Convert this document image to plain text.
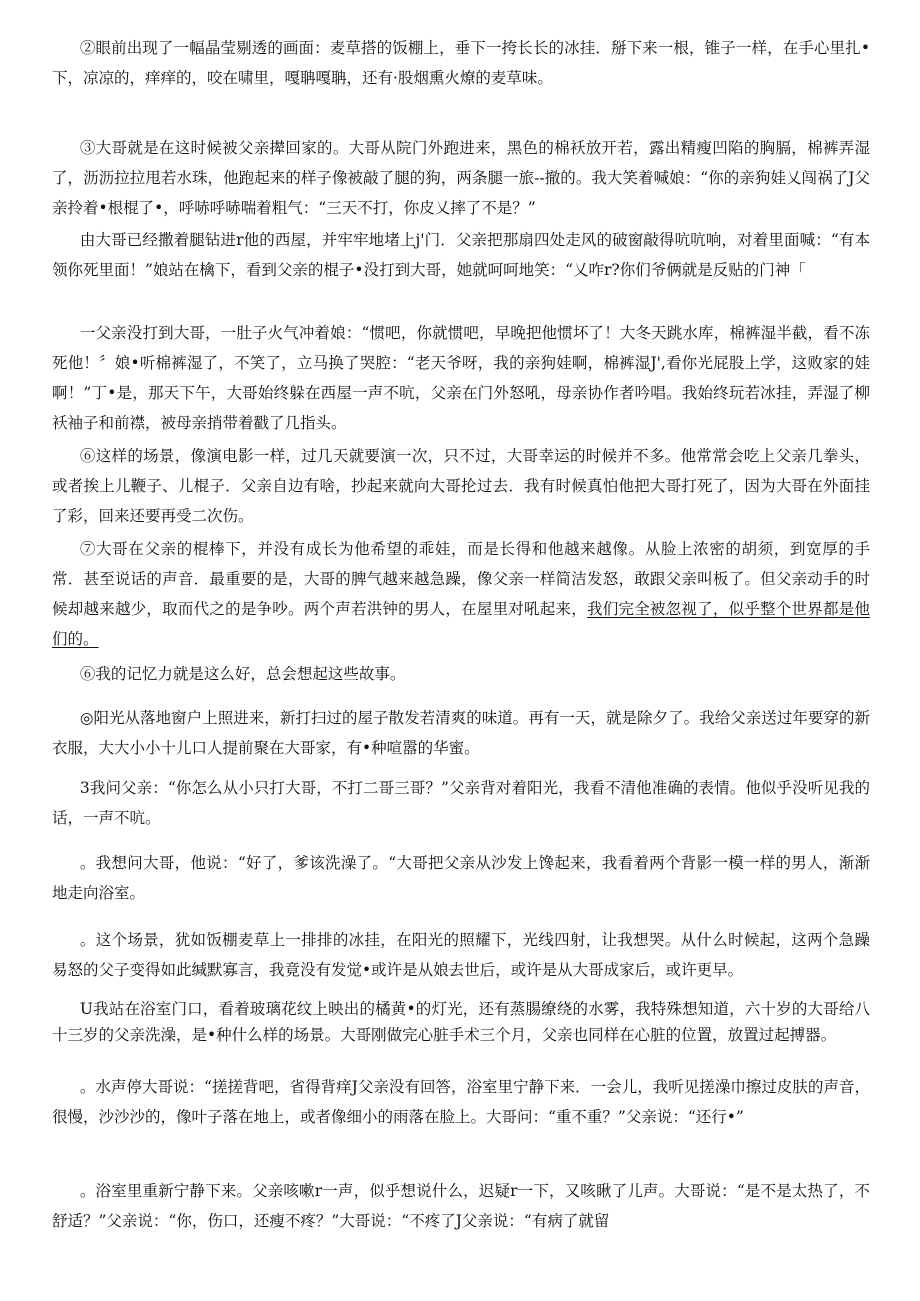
②眼前出现了一幅晶莹剔透的画面：麦草搭的饭棚上，垂下一挎长长的冰挂．掰下来一根，锥子一样，在手心里扎•下，凉凉的，痒痒的，咬在啸里，嘎聃嘎聃，还有·股烟熏火燎的麦草味。

③大哥就是在这时候被父亲撵回家的。大哥从院门外跑进来，黑色的棉袄放开若，露出精瘦凹陷的胸膈，棉裤弄湿了，沥沥拉拉甩若水珠，他跑起来的样子像被敲了腿的狗，两条腿一旅--撤的。我大笑着喊娘：“你的亲狗娃乂闯祸了J父亲拎着•根棍了•，呼哧呼哧喘着粗气：“三天不打，你皮乂摔了不是？”

由大哥已经撒着腿钻进r他的西屋，并牢牢地堵上j'门．父亲把那扇四处走风的破窗敲得吭吭响，对着里面喊：“有本领你死里面！”娘站在檎下，看到父亲的棍子•没打到大哥，她就呵呵地笑：“乂咋r?你们爷俩就是反贴的门神「

一父亲没打到大哥，一肚子火气冲着娘：“惯吧，你就惯吧，早晚把他惯坏了！大冬天跳水库，棉裤湿半截，看不冻死他！〞娘•听棉裤湿了，不笑了，立马换了哭腔：“老天爷呀，我的亲狗娃啊，棉裤湿J',看你光屁股上学，这败家的娃啊！”丁•是，那天下午，大哥始终躲在西屋一声不吭，父亲在门外怒吼，母亲协作者吟唱。我始终玩若冰挂，弄湿了柳袄袖子和前襟，被母亲捎带着戳了几指头。

⑥这样的场景，像演电影一样，过几天就要演一次，只不过，大哥幸运的时候并不多。他常常会吃上父亲几拳头，或者挨上儿鞭子、儿棍子．父亲自边有啥，抄起来就向大哥抡过去．我有时候真怕他把大哥打死了，因为大哥在外面挂了彩，回来还要再受二次伤。

⑦大哥在父亲的棍棒下，并没有成长为他希望的乖娃，而是长得和他越来越像。从脸上浓密的胡须，到宽厚的手常．甚至说话的声音．最重要的是，大哥的脾气越来越急躁，像父亲一样简洁发怒，敢跟父亲叫板了。但父亲动手的时候却越来越少，取而代之的是争吵。两个声若洪钟的男人，在屋里对吼起来，我们完全被忽视了，似乎整个世界都是他们的。

⑥我的记忆力就是这么好，总会想起这些故事。

◎阳光从落地窗户上照进来，新打扫过的屋子散发若清爽的味道。再有一天，就是除夕了。我给父亲送过年要穿的新衣服，大大小小十儿口人提前聚在大哥家，有•种喧嚣的华蜜。

3我问父亲：“你怎么从小只打大哥，不打二哥三哥？”父亲背对着阳光，我看不清他准确的表情。他似乎没听见我的话，一声不吭。

。我想问大哥，他说：“好了，爹该洗澡了。“大哥把父亲从沙发上馋起来，我看着两个背影一模一样的男人，渐渐地走向浴室。

。这个场景，犹如饭棚麦草上一排排的冰挂，在阳光的照耀下，光线四射，让我想哭。从什么时候起，这两个急躁易怒的父子变得如此缄默寡言，我竟没有发觉•或许是从娘去世后，或许是从大哥成家后，或许更早。

U我站在浴室门口，看着玻璃花纹上映出的橘黄•的灯光，还有蒸腸缭绕的水雾，我特殊想知道，六十岁的大哥给八十三岁的父亲洗澡，是•种什么样的场景。大哥刚做完心脏手术三个月，父亲也同样在心脏的位置，放置过起搏器。

。水声停大哥说：“搓搓背吧，省得背痒J父亲没有回答，浴室里宁静下来．一会儿，我听见搓澡巾擦过皮肤的声音，很慢，沙沙沙的，像叶子落在地上，或者像细小的雨落在脸上。大哥问：“重不重？”父亲说：“还行•”

。浴室里重新宁静下来。父亲咳嗽r一声，似乎想说什么，迟疑r一下，又咳瞅了儿声。大哥说：“是不是太热了，不舒适？”父亲说：“你，伤口，还瘦不疼？”大哥说：“不疼了J父亲说：“有病了就留
